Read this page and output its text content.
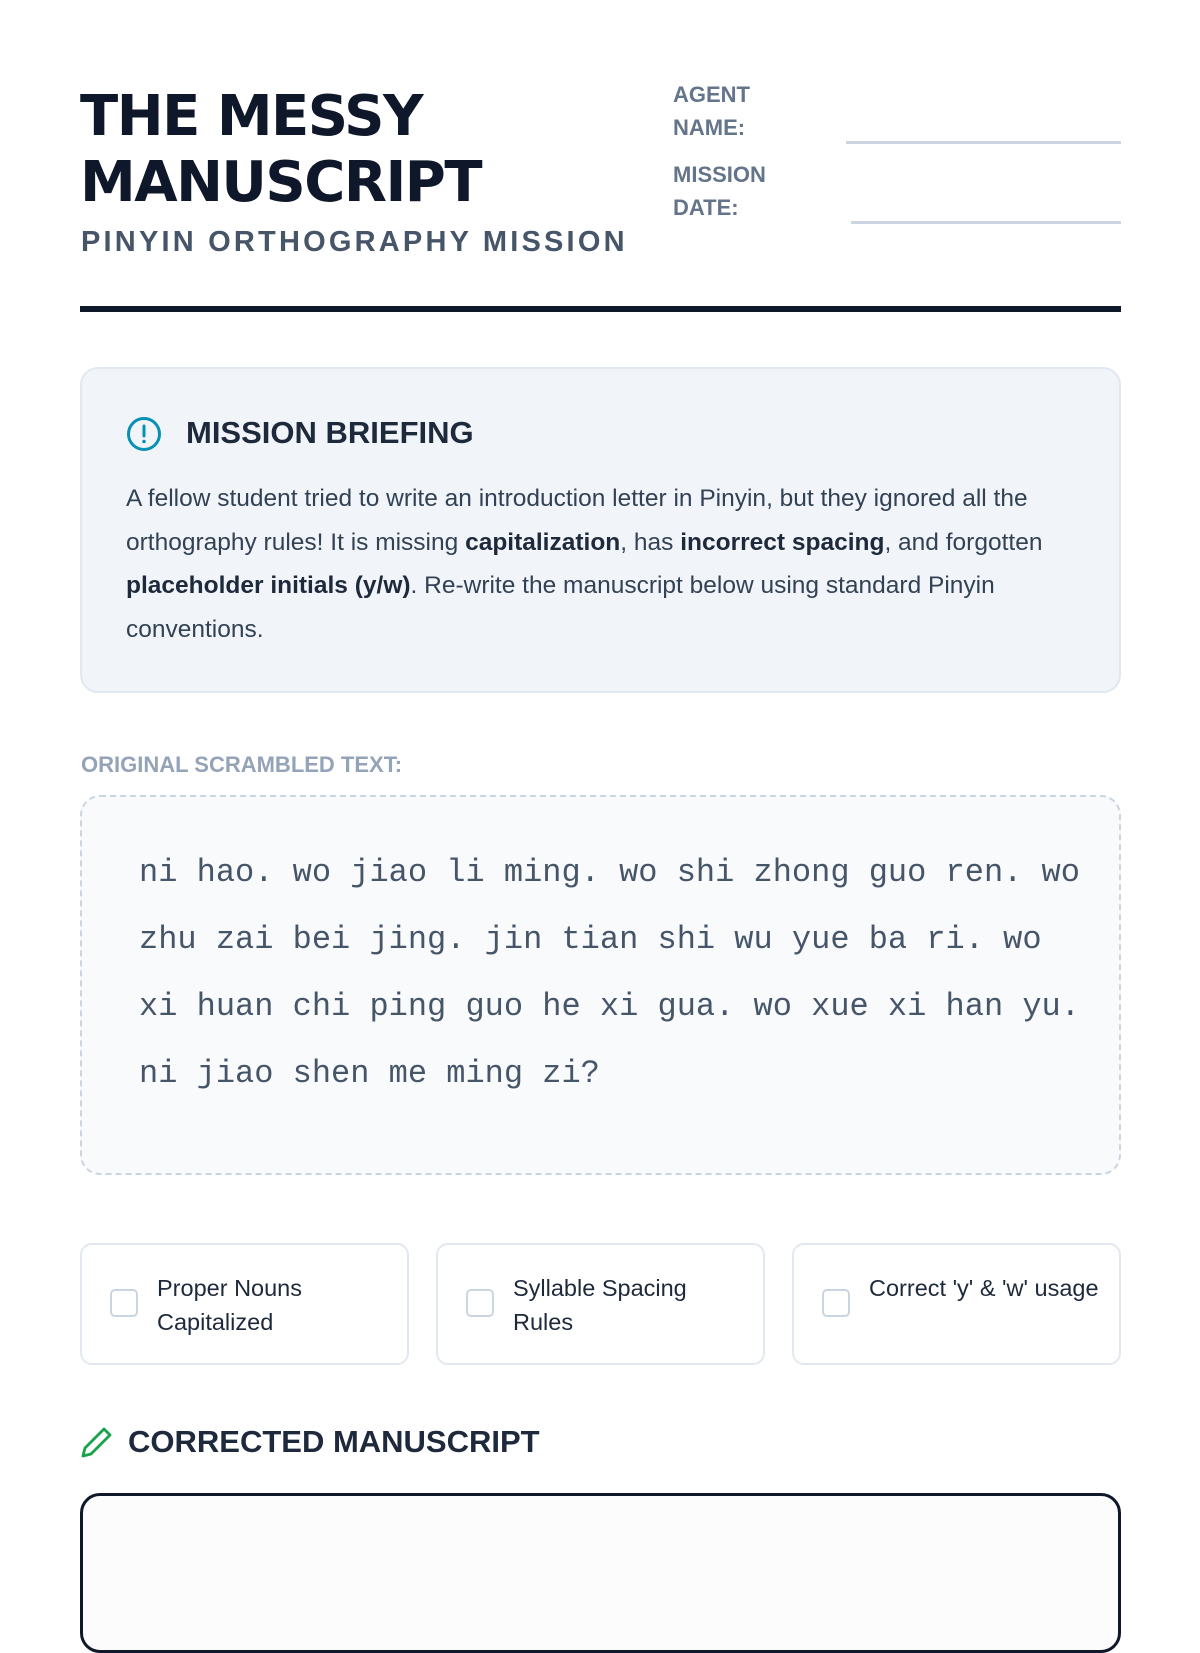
THE MESSY
MANUSCRIPT
PINYIN ORTHOGRAPHY MISSION
AGENT NAME:
MISSION DATE:
MISSION BRIEFING

A fellow student tried to write an introduction letter in Pinyin, but they ignored all the orthography rules! It is missing capitalization, has incorrect spacing, and forgotten placeholder initials (y/w). Re-write the manuscript below using standard Pinyin conventions.

ORIGINAL SCRAMBLED TEXT:
ni hao. wo jiao li ming. wo shi zhong guo ren. wo zhu zai bei jing. jin tian shi wu yue ba ri. wo xi huan chi ping guo he xi gua. wo xue xi han yu. ni jiao shen me ming zi?
Proper Nouns Capitalized
Syllable Spacing Rules
Correct 'y' & 'w' usage
CORRECTED MANUSCRIPT
